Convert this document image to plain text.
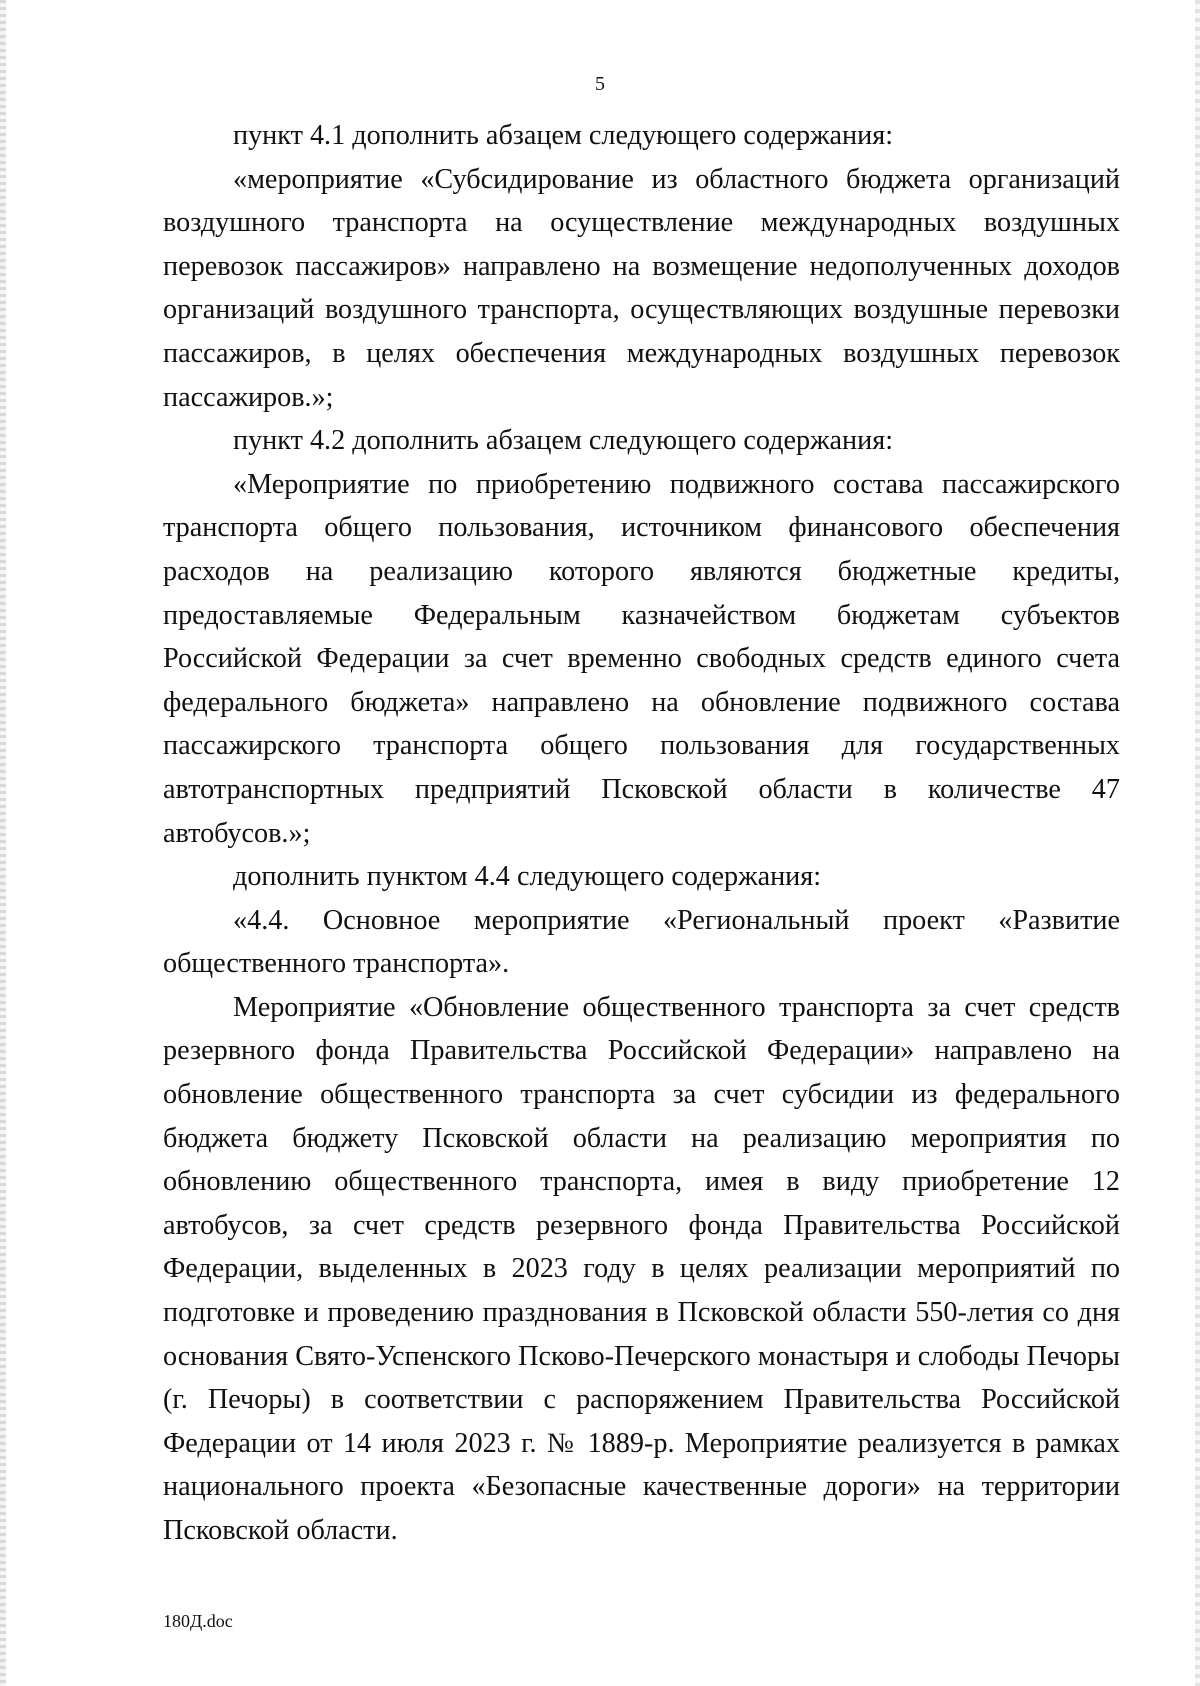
5

пункт 4.1 дополнить абзацем следующего содержания:

«мероприятие «Субсидирование из областного бюджета организаций воздушного транспорта на осуществление международных воздушных перевозок пассажиров» направлено на возмещение недополученных доходов организаций воздушного транспорта, осуществляющих воздушные перевозки пассажиров, в целях обеспечения международных воздушных перевозок пассажиров.»;

пункт 4.2 дополнить абзацем следующего содержания:

«Мероприятие по приобретению подвижного состава пассажирского транспорта общего пользования, источником финансового обеспечения расходов на реализацию которого являются бюджетные кредиты, предоставляемые Федеральным казначейством бюджетам субъектов Российской Федерации за счет временно свободных средств единого счета федерального бюджета» направлено на обновление подвижного состава пассажирского транспорта общего пользования для государственных автотранспортных предприятий Псковской области в количестве 47 автобусов.»;

дополнить пунктом 4.4 следующего содержания:

«4.4. Основное мероприятие «Региональный проект «Развитие общественного транспорта».

Мероприятие «Обновление общественного транспорта за счет средств резервного фонда Правительства Российской Федерации» направлено на обновление общественного транспорта за счет субсидии из федерального бюджета бюджету Псковской области на реализацию мероприятия по обновлению общественного транспорта, имея в виду приобретение 12 автобусов, за счет средств резервного фонда Правительства Российской Федерации, выделенных в 2023 году в целях реализации мероприятий по подготовке и проведению празднования в Псковской области 550-летия со дня основания Свято-Успенского Псково-Печерского монастыря и слободы Печоры (г. Печоры) в соответствии с распоряжением Правительства Российской Федерации от 14 июля 2023 г. № 1889-р. Мероприятие реализуется в рамках национального проекта «Безопасные качественные дороги» на территории Псковской области.

180Д.doc
